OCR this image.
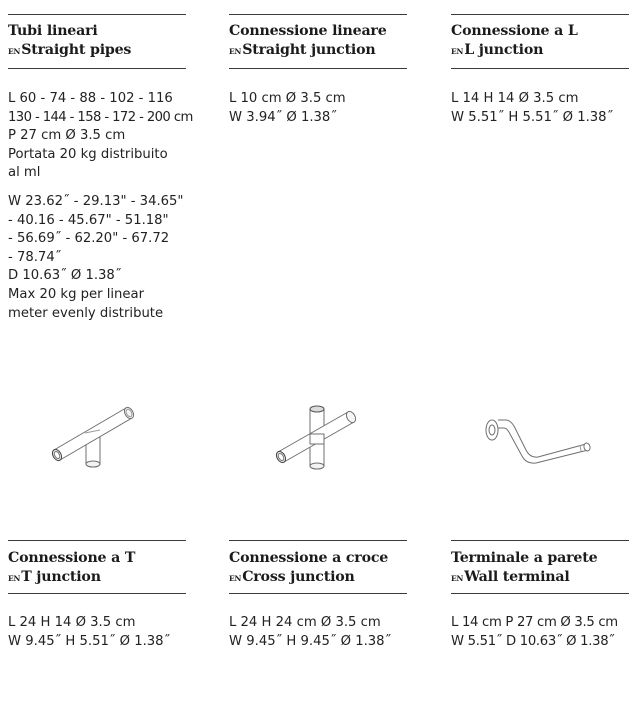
Tubi lineari
$^{EN}$Straight pipes
L 60 - 74 - 88 - 102 - 116
130 - 144 - 158 - 172 - 200 cm
P 27 cm Ø 3.5 cm
Portata 20 kg distribuito
al ml
W 23.62˝ - 29.13" - 34.65"
- 40.16 - 45.67" - 51.18"
- 56.69˝ - 62.20" - 67.72
- 78.74˝
D 10.63˝ Ø 1.38˝
Max 20 kg per linear
meter evenly distribute
Connessione lineare
$^{EN}$Straight junction
L 10 cm Ø 3.5 cm
W 3.94˝ Ø 1.38˝
Connessione a L
$^{EN}$L junction
L 14 H 14 Ø 3.5 cm
W 5.51˝ H 5.51˝ Ø 1.38˝
Connessione a T
$^{EN}$T junction
L 24 H 14 Ø 3.5 cm
W 9.45˝ H 5.51˝ Ø 1.38˝
Connessione a croce
$^{EN}$Cross junction
L 24 H 24 cm Ø 3.5 cm
W 9.45˝ H 9.45˝ Ø 1.38˝
Terminale a parete
$^{EN}$Wall terminal
L 14 cm P 27 cm Ø 3.5 cm
W 5.51˝ D 10.63˝ Ø 1.38˝
